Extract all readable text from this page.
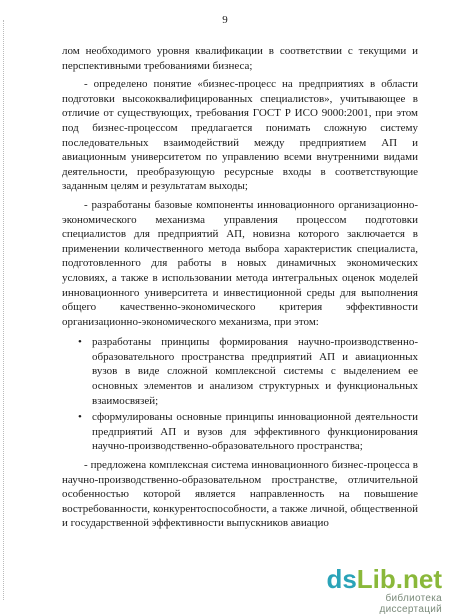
9

лом необходимого уровня квалификации в соответствии с текущими и перспективными требованиями бизнеса;

- определено понятие «бизнес-процесс на предприятиях в области подготовки высококвалифицированных специалистов», учитывающее в отличие от существующих, требования ГОСТ Р ИСО 9000:2001, при этом под бизнес-процессом предлагается понимать сложную систему последовательных взаимодействий между предприятием АП и авиационным университетом по управлению всеми внутренними видами деятельности, преобразующую ресурсные входы в соответствующие заданным целям и результатам выходы;

- разработаны базовые компоненты инновационного организационно-экономического механизма управления процессом подготовки специалистов для предприятий АП, новизна которого заключается в применении количественного метода выбора характеристик специалиста, подготовленного для работы в новых динамичных экономических условиях, а также в использовании метода интегральных оценок моделей инновационного университета и инвестиционной среды для выполнения общего качественно-экономического критерия эффективности организационно-экономического механизма, при этом:

• разработаны принципы формирования научно-производственно-образовательного пространства предприятий АП и авиационных вузов в виде сложной комплексной системы с выделением ее основных элементов и анализом структурных и функциональных взаимосвязей;

• сформулированы основные принципы инновационной деятельности предприятий АП и вузов для эффективного функционирования научно-производственно-образовательного пространства;

- предложена комплексная система инновационного бизнес-процесса в научно-производственно-образовательном пространстве, отличительной особенностью которой является направленность на повышение востребованности, конкурентоспособности, а также личной, общественной и государственной эффективности выпускников авиацио

dsLib.net
библиотека диссертаций
